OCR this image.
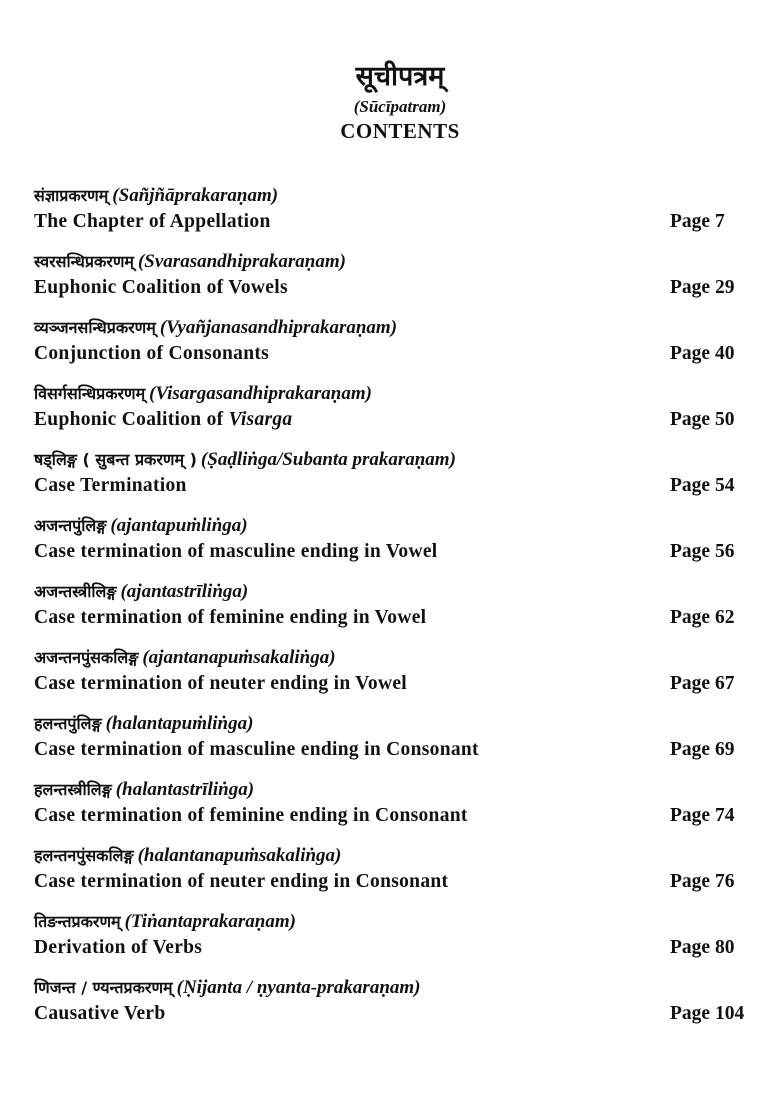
सूचीपत्रम्
(Sūcīpatram)
CONTENTS
संज्ञाप्रकरणम् (Sañjñāprakaraṇam)
The Chapter of Appellation	Page 7
स्वरसन्धिप्रकरणम् (Svarasandhiprakaraṇam)
Euphonic Coalition of Vowels	Page 29
व्यञ्जनसन्धिप्रकरणम् (Vyañjanasandhiprakaraṇam)
Conjunction of Consonants	Page 40
विसर्गसन्धिप्रकरणम् (Visargasandhiprakaraṇam)
Euphonic Coalition of Visarga	Page 50
षड्लिङ्ग ( सुबन्त प्रकरणम् ) (Ṣaḍliṅga/Subanta prakaraṇam)
Case Termination	Page 54
अजन्तपुंलिङ्ग (ajantapuṁliṅga)
Case termination of masculine ending in Vowel	Page 56
अजन्तस्त्रीलिङ्ग (ajantastrīliṅga)
Case termination of feminine ending in Vowel	Page 62
अजन्तनपुंसकलिङ्ग (ajantanapuṁsakaliṅga)
Case termination of neuter ending in Vowel	Page 67
हलन्तपुंलिङ्ग (halantapuṁliṅga)
Case termination of masculine ending in Consonant	Page 69
हलन्तस्त्रीलिङ्ग (halantastrīliṅga)
Case termination of feminine ending in Consonant	Page 74
हलन्तनपुंसकलिङ्ग (halantanapuṁsakaliṅga)
Case termination of neuter ending in Consonant	Page 76
तिङन्तप्रकरणम् (Tiṅantaprakaraṇam)
Derivation of Verbs	Page 80
णिजन्त / ण्यन्तप्रकरणम् (Ṇijanta / ṇyanta-prakaraṇam)
Causative Verb	Page 104
